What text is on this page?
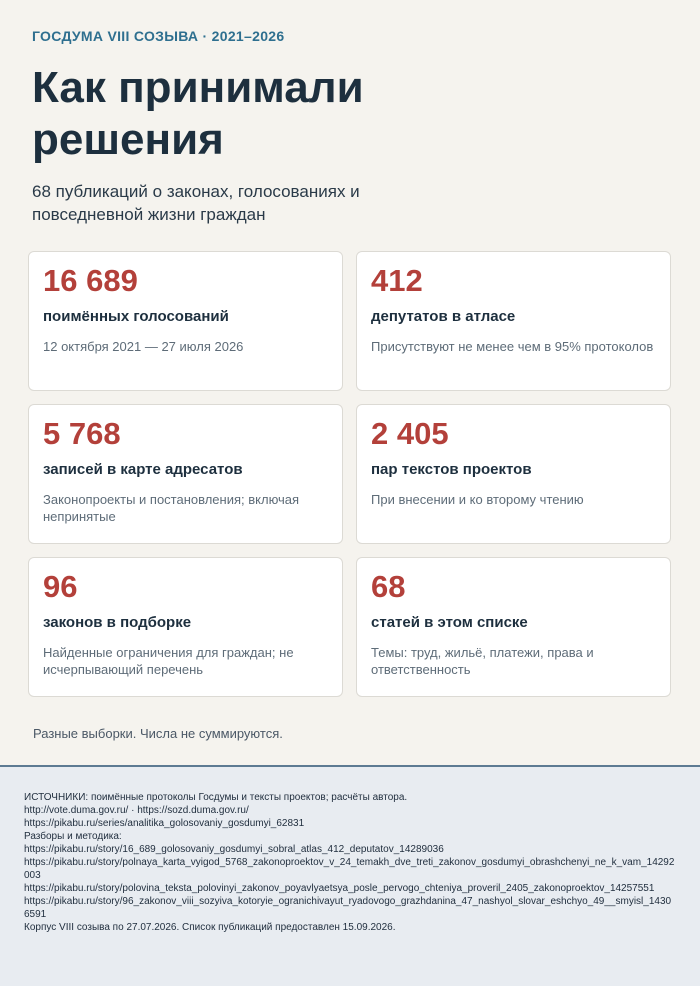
ГОСДУМА VIII СОЗЫВА · 2021–2026

Как принимали решения

68 публикаций о законах, голосованиях и повседневной жизни граждан

16 689

поимённых голосований

12 октября 2021 — 27 июля 2026

412

депутатов в атласе

Присутствуют не менее чем в 95% протоколов

5 768

записей в карте адресатов

Законопроекты и постановления; включая непринятые

2 405

пар текстов проектов

При внесении и ко второму чтению

96

законов в подборке

Найденные ограничения для граждан; не исчерпывающий перечень

68

статей в этом списке

Темы: труд, жильё, платежи, права и ответственность

Разные выборки. Числа не суммируются.

ИСТОЧНИКИ: поимённые протоколы Госдумы и тексты проектов; расчёты автора.

http://vote.duma.gov.ru/ · https://sozd.duma.gov.ru/

https://pikabu.ru/series/analitika_golosovaniy_gosdumyi_62831

Разборы и методика:

https://pikabu.ru/story/16_689_golosovaniy_gosdumyi_sobral_atlas_412_deputatov_14289036

https://pikabu.ru/story/polnaya_karta_vyigod_5768_zakonoproektov_v_24_temakh_dve_treti_zakonov_gosdumyi_obrashchenyi_ne_k_vam_14292003

https://pikabu.ru/story/polovina_teksta_polovinyi_zakonov_poyavlyaetsya_posle_pervogo_chteniya_proveril_2405_zakonoproektov_14257551

https://pikabu.ru/story/96_zakonov_viii_sozyiva_kotoryie_ogranichivayut_ryadovogo_grazhdanina_47_nashyol_slovar_eshchyo_49__smyisl_14306591

Корпус VIII созыва по 27.07.2026. Список публикаций предоставлен 15.09.2026.
